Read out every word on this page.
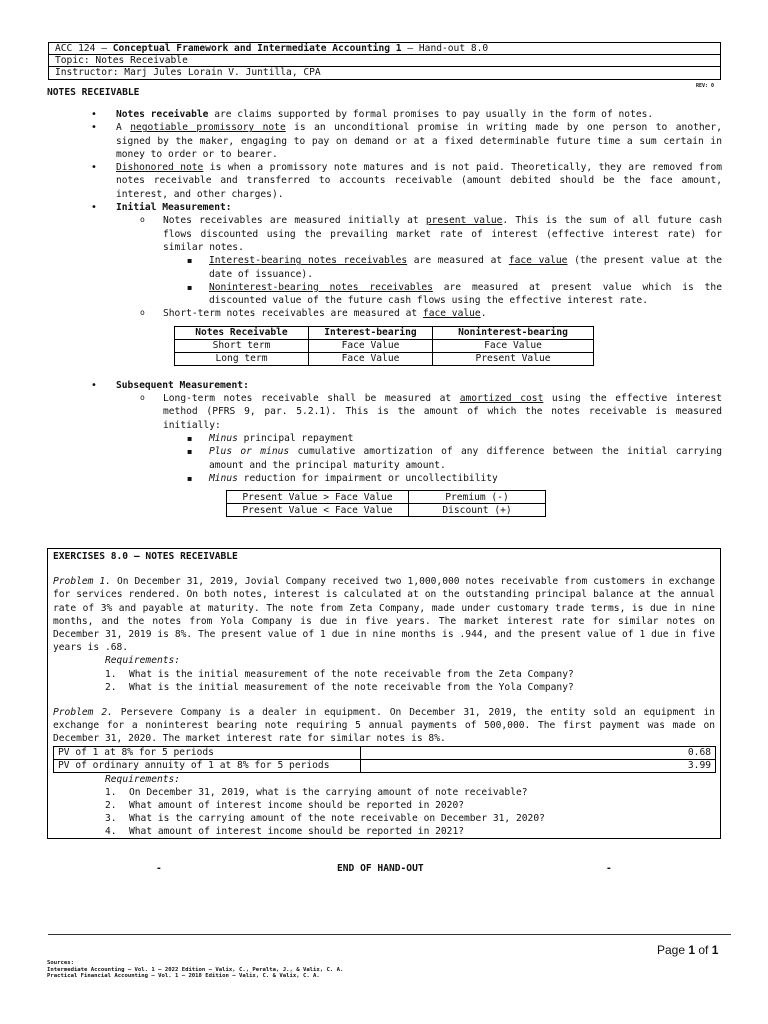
ACC 124 – Conceptual Framework and Intermediate Accounting 1 – Hand-out 8.0
Topic: Notes Receivable
Instructor: Marj Jules Lorain V. Juntilla, CPA
REV: 0
NOTES RECEIVABLE
• Notes receivable are claims supported by formal promises to pay usually in the form of notes.
• A negotiable promissory note is an unconditional promise in writing made by one person to another, signed by the maker, engaging to pay on demand or at a fixed determinable future time a sum certain in money to order or to bearer.
• Dishonored note is when a promissory note matures and is not paid. Theoretically, they are removed from notes receivable and transferred to accounts receivable (amount debited should be the face amount, interest, and other charges).
• Initial Measurement:
o Notes receivables are measured initially at present value. This is the sum of all future cash flows discounted using the prevailing market rate of interest (effective interest rate) for similar notes.
▪ Interest-bearing notes receivables are measured at face value (the present value at the date of issuance).
▪ Noninterest-bearing notes receivables are measured at present value which is the discounted value of the future cash flows using the effective interest rate.
o Short-term notes receivables are measured at face value.
Notes Receivable	Interest-bearing	Noninterest-bearing
Short term	Face Value	Face Value
Long term	Face Value	Present Value
• Subsequent Measurement:
o Long-term notes receivable shall be measured at amortized cost using the effective interest method (PFRS 9, par. 5.2.1). This is the amount of which the notes receivable is measured initially:
▪ Minus principal repayment
▪ Plus or minus cumulative amortization of any difference between the initial carrying amount and the principal maturity amount.
▪ Minus reduction for impairment or uncollectibility
Present Value > Face Value	Premium (-)
Present Value < Face Value	Discount (+)

EXERCISES 8.0 – NOTES RECEIVABLE

Problem 1. On December 31, 2019, Jovial Company received two 1,000,000 notes receivable from customers in exchange for services rendered. On both notes, interest is calculated at on the outstanding principal balance at the annual rate of 3% and payable at maturity. The note from Zeta Company, made under customary trade terms, is due in nine months, and the notes from Yola Company is due in five years. The market interest rate for similar notes on December 31, 2019 is 8%. The present value of 1 due in nine months is .944, and the present value of 1 due in five years is .68.

Requirements:

1. What is the initial measurement of the note receivable from the Zeta Company?

2. What is the initial measurement of the note receivable from the Yola Company?

Problem 2. Persevere Company is a dealer in equipment. On December 31, 2019, the entity sold an equipment in exchange for a noninterest bearing note requiring 5 annual payments of 500,000. The first payment was made on December 31, 2020. The market interest rate for similar notes is 8%.

PV of 1 at 8% for 5 periods	0.68
PV of ordinary annuity of 1 at 8% for 5 periods	3.99

Requirements:

1. On December 31, 2019, what is the carrying amount of note receivable?

2. What amount of interest income should be reported in 2020?

3. What is the carrying amount of the note receivable on December 31, 2020?

4. What amount of interest income should be reported in 2021?

-	END OF HAND-OUT	-
Page 1 of 1
Sources:
Intermediate Accounting – Vol. 1 – 2022 Edition – Valix, C., Peralta, J., & Valix, C. A.
Practical Financial Accounting – Vol. 1 – 2018 Edition – Valix, C. & Valix, C. A.
